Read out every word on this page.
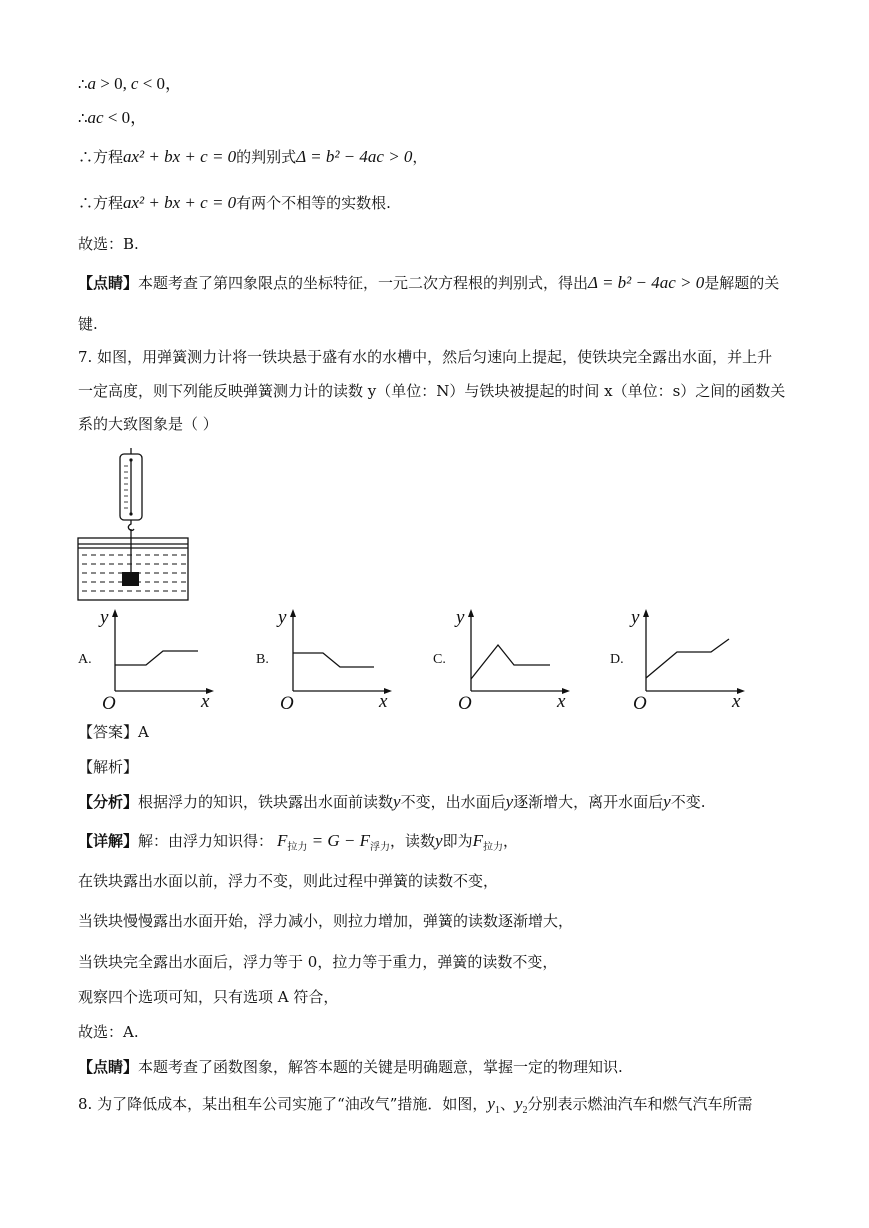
∴a > 0, c < 0，
∴ac < 0，
∴方程ax² + bx + c = 0的判别式Δ = b² − 4ac > 0，
∴方程ax² + bx + c = 0有两个不相等的实数根.
故选：B.
【点睛】本题考查了第四象限点的坐标特征，一元二次方程根的判别式，得出Δ = b² − 4ac > 0是解题的关
键.
7. 如图，用弹簧测力计将一铁块悬于盛有水的水槽中，然后匀速向上提起，使铁块完全露出水面，并上升
一定高度，则下列能反映弹簧测力计的读数 y（单位：N）与铁块被提起的时间 x（单位：s）之间的函数关
系的大致图象是（ ）
A.
y
x
O
B.
y
x
O
C.
y
x
O
D.
y
x
O
【答案】A
【解析】
【分析】根据浮力的知识，铁块露出水面前读数y不变，出水面后y逐渐增大，离开水面后y不变.
【详解】解：由浮力知识得： $F_{拉力} = G - F_{浮力}$，读数y即为$F_{拉力}$，
在铁块露出水面以前，浮力不变，则此过程中弹簧的读数不变，
当铁块慢慢露出水面开始，浮力减小，则拉力增加，弹簧的读数逐渐增大，
当铁块完全露出水面后，浮力等于 0，拉力等于重力，弹簧的读数不变，
观察四个选项可知，只有选项 A 符合，
故选：A.
【点睛】本题考查了函数图象，解答本题的关键是明确题意，掌握一定的物理知识.
8. 为了降低成本，某出租车公司实施了“油改气”措施．如图，$y_1$、$y_2$分别表示燃油汽车和燃气汽车所需
